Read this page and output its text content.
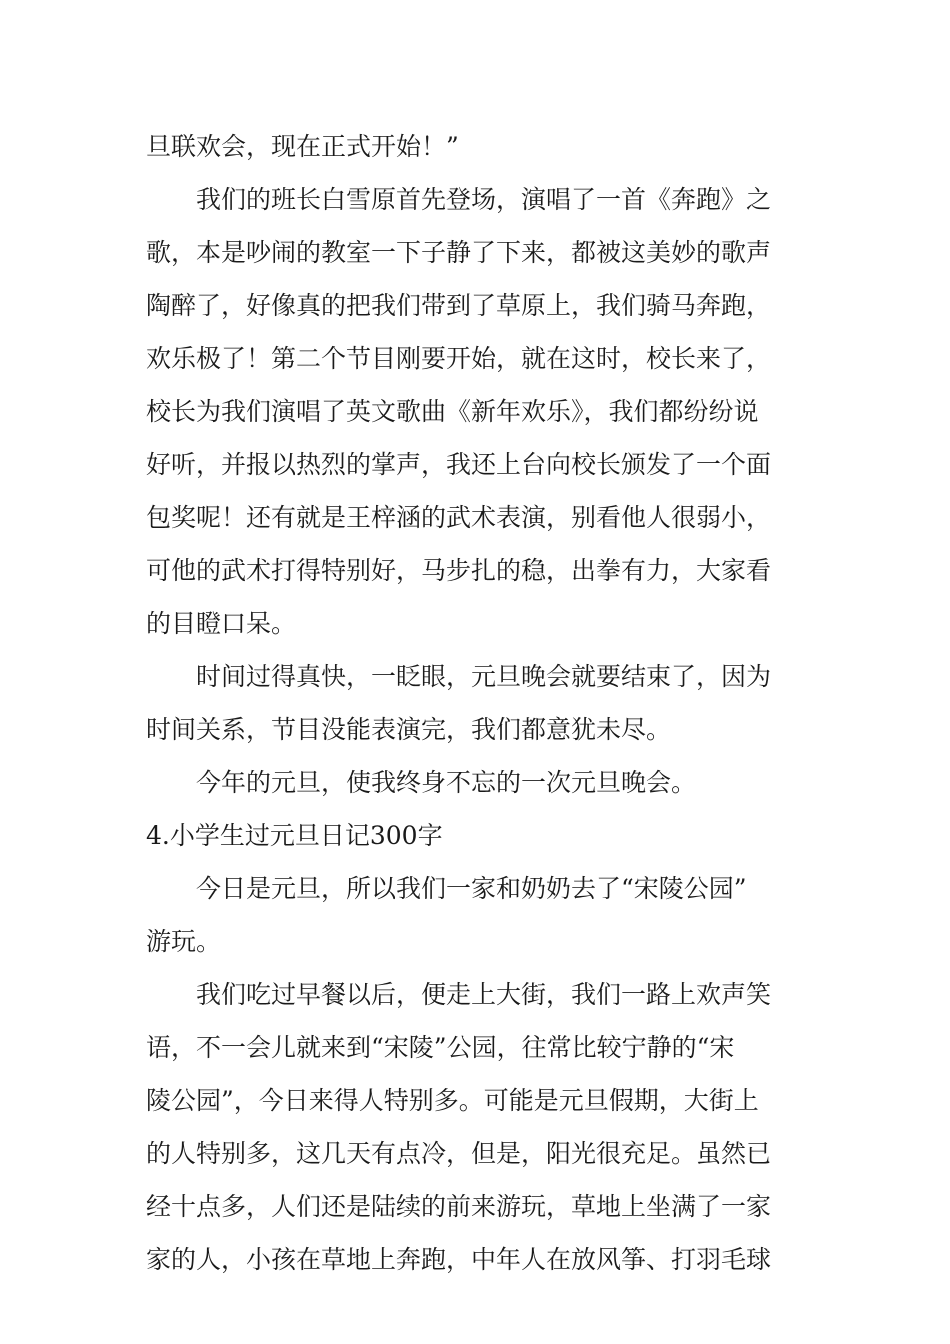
旦联欢会，现在正式开始！”
我们的班长白雪原首先登场，演唱了一首《奔跑》之
歌，本是吵闹的教室一下子静了下来，都被这美妙的歌声
陶醉了，好像真的把我们带到了草原上，我们骑马奔跑，
欢乐极了！第二个节目刚要开始，就在这时，校长来了，
校长为我们演唱了英文歌曲《新年欢乐》，我们都纷纷说
好听，并报以热烈的掌声，我还上台向校长颁发了一个面
包奖呢！还有就是王梓涵的武术表演，别看他人很弱小，
可他的武术打得特别好，马步扎的稳，出拳有力，大家看
的目瞪口呆。
时间过得真快，一眨眼，元旦晚会就要结束了，因为
时间关系，节目没能表演完，我们都意犹未尽。
今年的元旦，使我终身不忘的一次元旦晚会。
4.小学生过元旦日记300字
今日是元旦，所以我们一家和奶奶去了“宋陵公园”
游玩。
我们吃过早餐以后，便走上大街，我们一路上欢声笑
语，不一会儿就来到“宋陵”公园，往常比较宁静的“宋
陵公园”，今日来得人特别多。可能是元旦假期，大街上
的人特别多，这几天有点冷，但是，阳光很充足。虽然已
经十点多，人们还是陆续的前来游玩，草地上坐满了一家
家的人，小孩在草地上奔跑，中年人在放风筝、打羽毛球
